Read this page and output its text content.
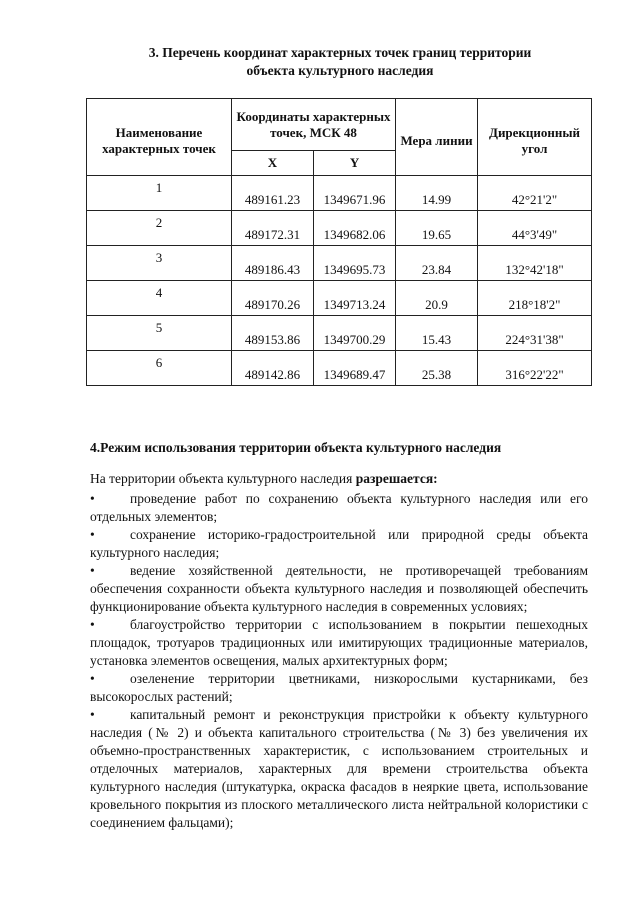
3. Перечень координат характерных точек границ территории
объекта культурного наследия
Наименование характерных точек	Координаты характерных точек, МСК 48		Мера линии	Дирекционный угол
	X	Y		
1	489161.23	1349671.96	14.99	42°21'2"
2	489172.31	1349682.06	19.65	44°3'49"
3	489186.43	1349695.73	23.84	132°42'18"
4	489170.26	1349713.24	20.9	218°18'2"
5	489153.86	1349700.29	15.43	224°31'38"
6	489142.86	1349689.47	25.38	316°22'22"
4.Режим использования территории объекта культурного наследия
На территории объекта культурного наследия разрешается:
•	проведение работ по сохранению объекта культурного наследия или его отдельных элементов;
•	сохранение историко-градостроительной или природной среды объекта культурного наследия;
•	ведение хозяйственной деятельности, не противоречащей требованиям обеспечения сохранности объекта культурного наследия и позволяющей обеспечить функционирование объекта культурного наследия в современных условиях;
•	благоустройство территории с использованием в покрытии пешеходных площадок, тротуаров традиционных или имитирующих традиционные материалов, установка элементов освещения, малых архитектурных форм;
•	озеленение территории цветниками, низкорослыми кустарниками, без высокорослых растений;
•	капитальный ремонт и реконструкция пристройки к объекту культурного наследия (№ 2) и объекта капитального строительства (№ 3) без увеличения их объемно-пространственных характеристик, с использованием строительных и отделочных материалов, характерных для времени строительства объекта культурного наследия (штукатурка, окраска фасадов в неяркие цвета, использование кровельного покрытия из плоского металлического листа нейтральной колористики с соединением фальцами);
